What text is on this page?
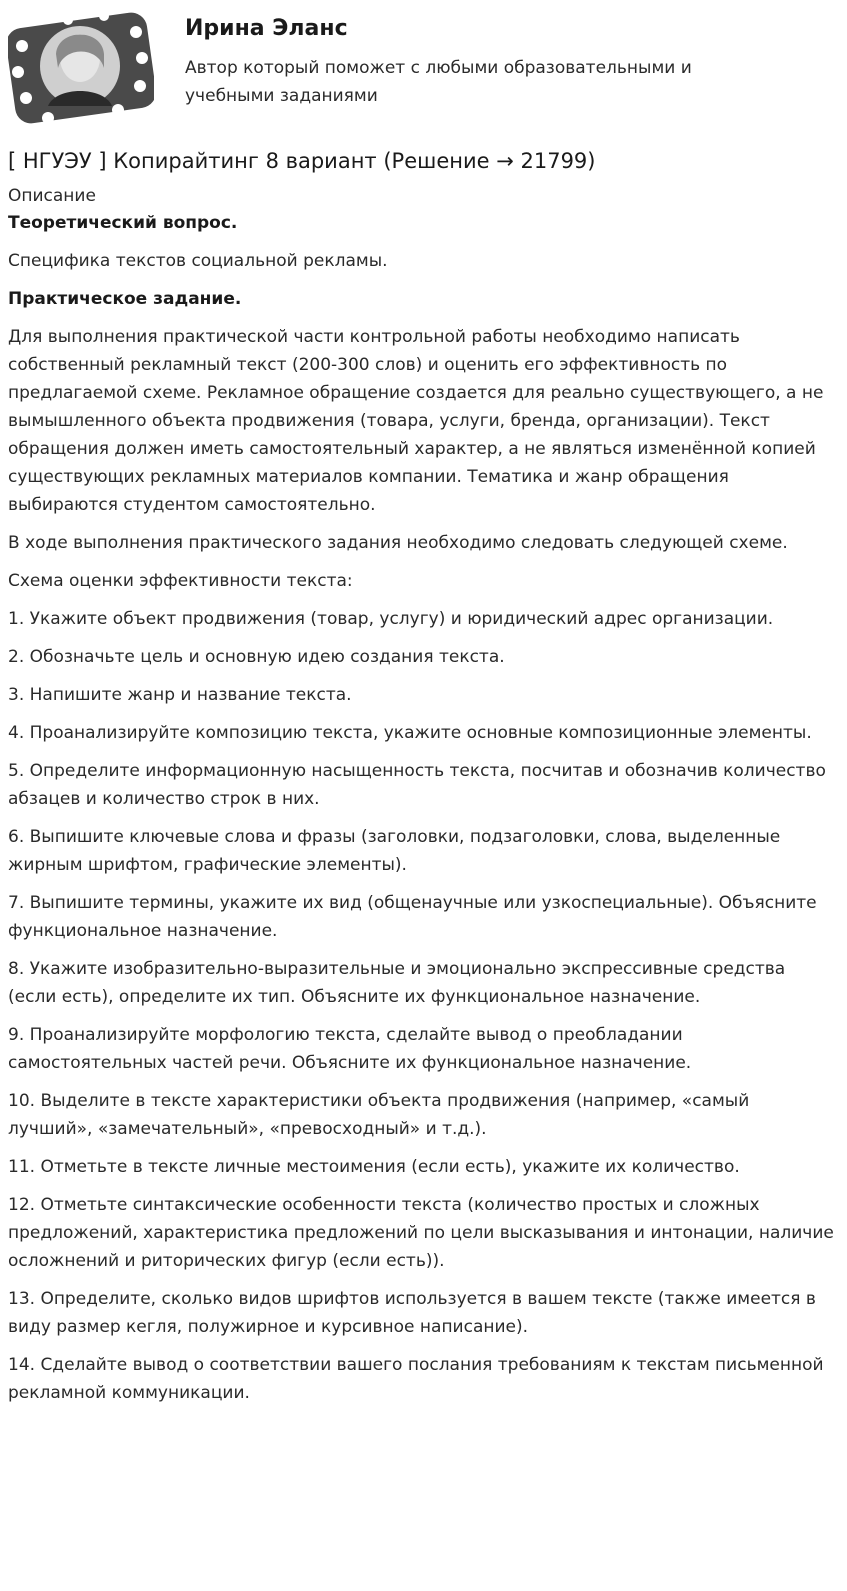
Ирина Эланс
Автор который поможет с любыми образовательными и учебными заданиями
[ НГУЭУ ] Копирайтинг 8 вариант (Решение → 21799)
Описание

Теоретический вопрос.

Специфика текстов социальной рекламы.

Практическое задание.

Для выполнения практической части контрольной работы необходимо написать собственный рекламный текст (200-300 слов) и оценить его эффективность по предлагаемой схеме. Рекламное обращение создается для реально существующего, а не вымышленного объекта продвижения (товара, услуги, бренда, организации). Текст обращения должен иметь самостоятельный характер, а не являться изменённой копией существующих рекламных материалов компании. Тематика и жанр обращения выбираются студентом самостоятельно.

В ходе выполнения практического задания необходимо следовать следующей схеме.

Схема оценки эффективности текста:

1. Укажите объект продвижения (товар, услугу) и юридический адрес организации.

2. Обозначьте цель и основную идею создания текста.

3. Напишите жанр и название текста.

4. Проанализируйте композицию текста, укажите основные композиционные элементы.

5. Определите информационную насыщенность текста, посчитав и обозначив количество абзацев и количество строк в них.

6. Выпишите ключевые слова и фразы (заголовки, подзаголовки, слова, выделенные жирным шрифтом, графические элементы).

7. Выпишите термины, укажите их вид (общенаучные или узкоспециальные). Объясните функциональное назначение.

8. Укажите изобразительно-выразительные и эмоционально экспрессивные средства (если есть), определите их тип. Объясните их функциональное назначение.

9. Проанализируйте морфологию текста, сделайте вывод о преобладании самостоятельных частей речи. Объясните их функциональное назначение.

10. Выделите в тексте характеристики объекта продвижения (например, «самый лучший», «замечательный», «превосходный» и т.д.).

11. Отметьте в тексте личные местоимения (если есть), укажите их количество.

12. Отметьте синтаксические особенности текста (количество простых и сложных предложений, характеристика предложений по цели высказывания и интонации, наличие осложнений и риторических фигур (если есть)).

13. Определите, сколько видов шрифтов используется в вашем тексте (также имеется в виду размер кегля, полужирное и курсивное написание).

14. Сделайте вывод о соответствии вашего послания требованиям к текстам письменной рекламной коммуникации.
